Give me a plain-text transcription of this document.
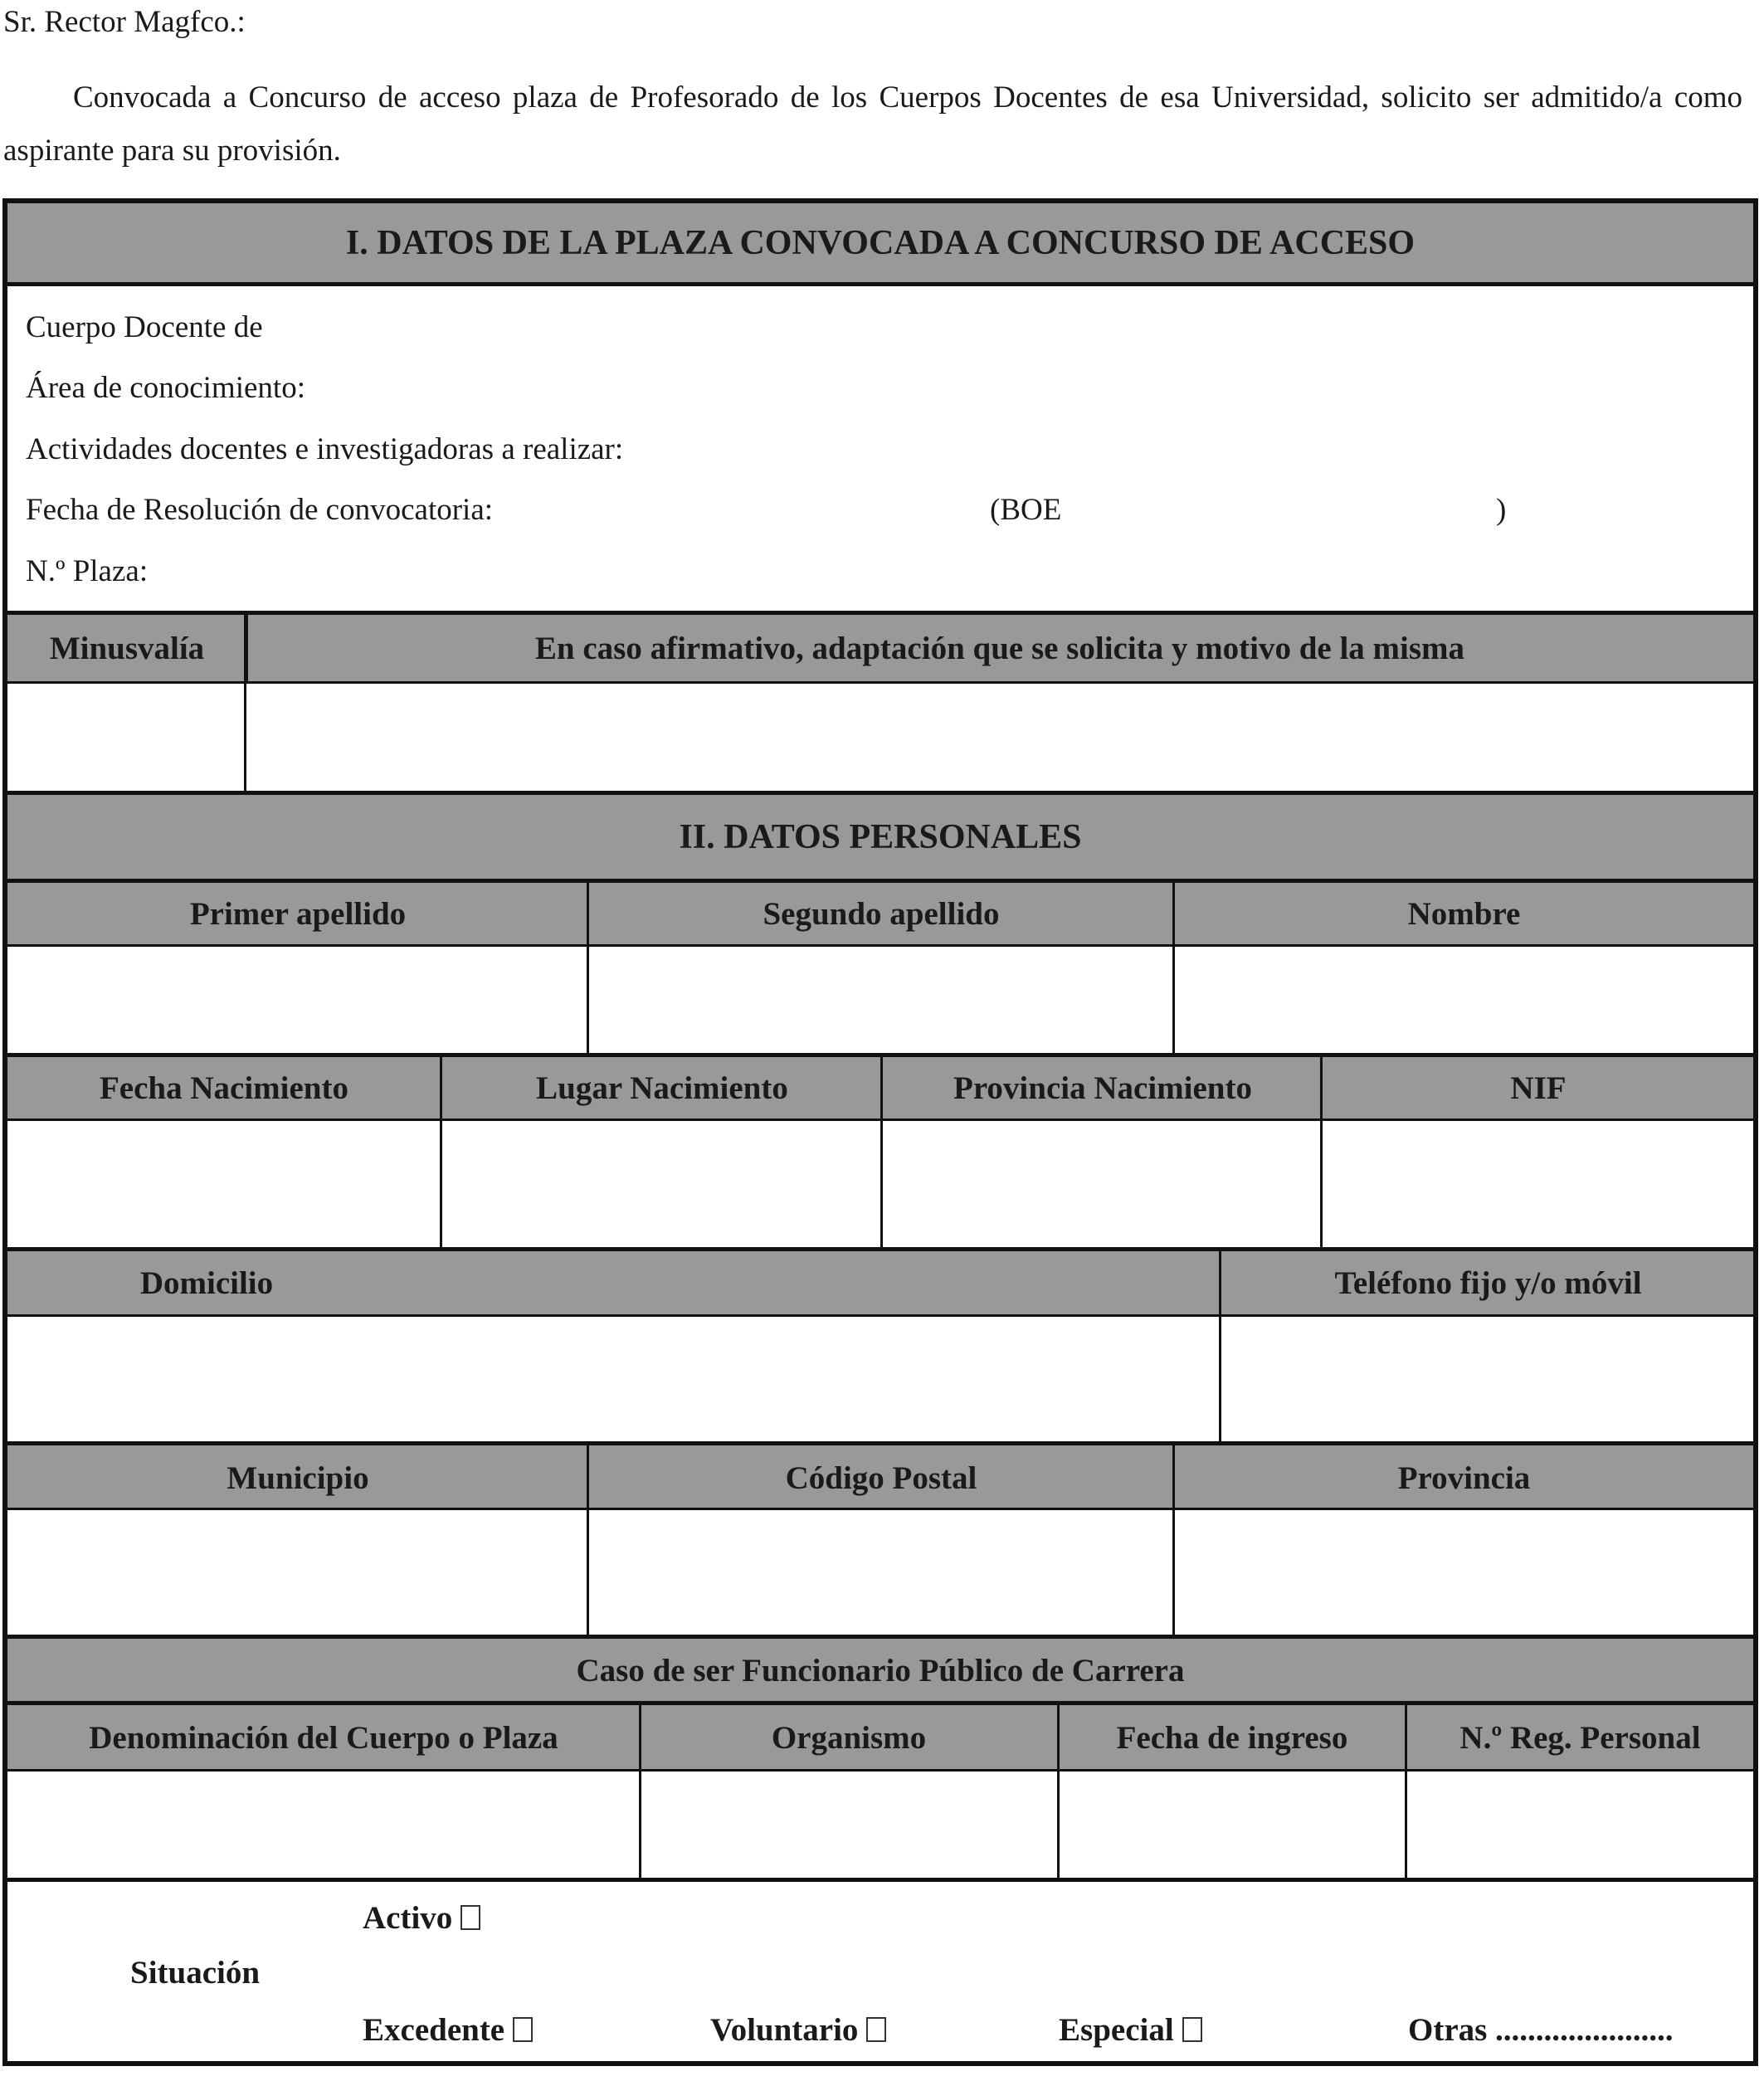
Sr. Rector Magfco.:
Convocada a Concurso de acceso plaza de Profesorado de los Cuerpos Docentes de esa Universidad, solicito ser admitido/a como aspirante para su provisión.
I. DATOS DE LA PLAZA CONVOCADA A CONCURSO DE ACCESO
Cuerpo Docente de
Área de conocimiento:
Actividades docentes e investigadoras a realizar:
Fecha de Resolución de convocatoria:	(BOE	)
N.º Plaza:
Minusvalía	En caso afirmativo, adaptación que se solicita y motivo de la misma
II. DATOS PERSONALES
Primer apellido	Segundo apellido	Nombre
Fecha Nacimiento	Lugar Nacimiento	Provincia Nacimiento	NIF
Domicilio	Teléfono fijo y/o móvil
Municipio	Código Postal	Provincia
Caso de ser Funcionario Público de Carrera
Denominación del Cuerpo o Plaza	Organismo	Fecha de ingreso	N.º Reg. Personal
Situación
Activo
Excedente	Voluntario	Especial	Otras ......................
